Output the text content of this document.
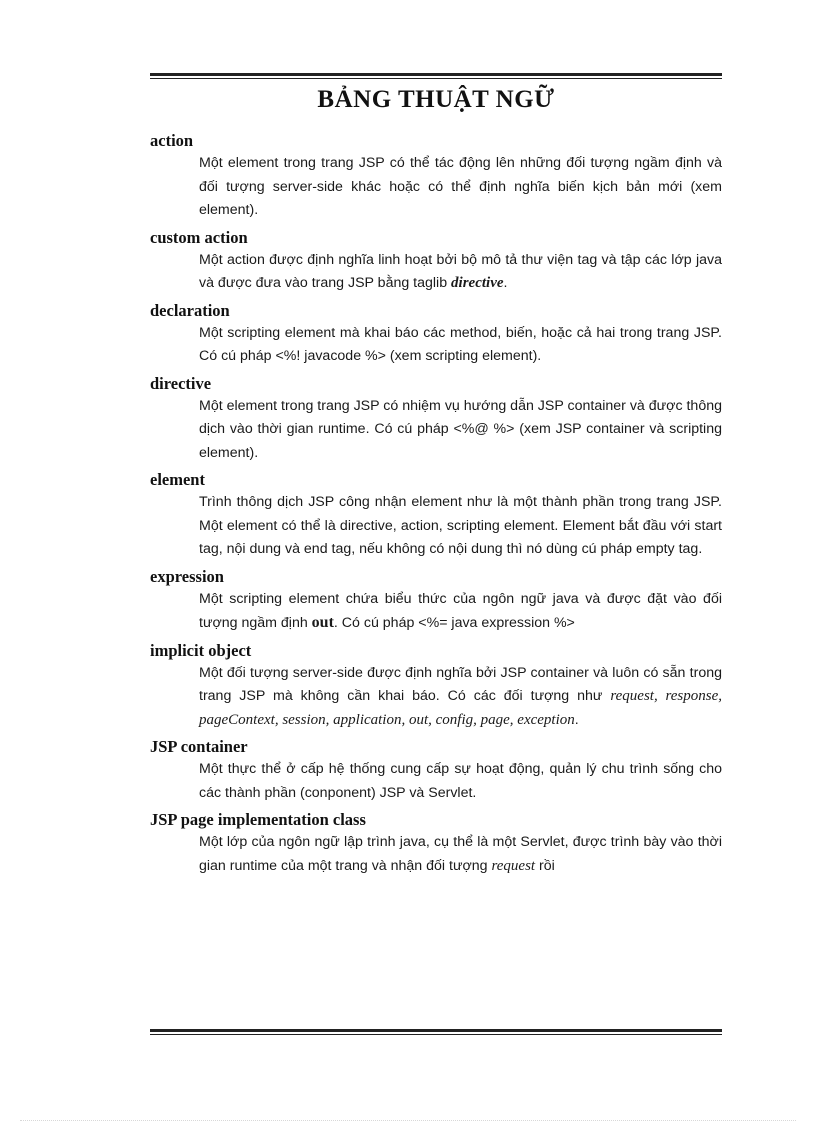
BẢNG THUẬT NGỮ
action
Một element trong trang JSP có thể tác động lên những đối tượng ngầm định và đối tượng server-side khác hoặc có thể định nghĩa biến kịch bản mới (xem element).
custom action
Một action được định nghĩa linh hoạt bởi bộ mô tả thư viện tag và tập các lớp java và được đưa vào trang JSP bằng taglib directive.
declaration
Một scripting element mà khai báo các method, biến, hoặc cả hai trong trang JSP. Có cú pháp <%! javacode %> (xem scripting element).
directive
Một element trong trang JSP có nhiệm vụ hướng dẫn JSP container và được thông dịch vào thời gian runtime. Có cú pháp <%@ %> (xem JSP container và scripting element).
element
Trình thông dịch JSP công nhận element như là một thành phần trong trang JSP. Một element có thể là directive, action, scripting element. Element bắt đầu với start tag, nội dung và end tag, nếu không có nội dung thì nó dùng cú pháp empty tag.
expression
Một scripting element chứa biểu thức của ngôn ngữ java và được đặt vào đối tượng ngầm định out. Có cú pháp <%= java expression %>
implicit object
Một đối tượng server-side được định nghĩa bởi JSP container và luôn có sẵn trong trang JSP mà không cần khai báo. Có các đối tượng như request, response, pageContext, session, application, out, config, page, exception.
JSP container
Một thực thể ở cấp hệ thống cung cấp sự hoạt động, quản lý chu trình sống cho các thành phần (conponent) JSP và Servlet.
JSP page implementation class
Một lớp của ngôn ngữ lập trình java, cụ thể là một Servlet, được trình bày vào thời gian runtime của một trang và nhận đối tượng request rồi
